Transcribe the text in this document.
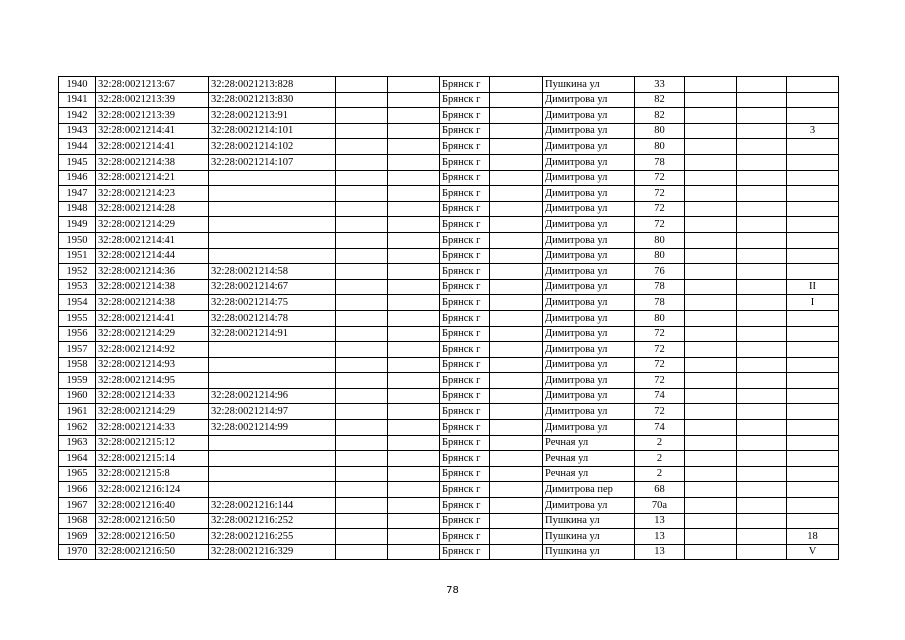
1940	32:28:0021213:67	32:28:0021213:828			Брянск г		Пушкина ул	33			
1941	32:28:0021213:39	32:28:0021213:830			Брянск г		Димитрова ул	82			
1942	32:28:0021213:39	32:28:0021213:91			Брянск г		Димитрова ул	82			
1943	32:28:0021214:41	32:28:0021214:101			Брянск г		Димитрова ул	80			3
1944	32:28:0021214:41	32:28:0021214:102			Брянск г		Димитрова ул	80			
1945	32:28:0021214:38	32:28:0021214:107			Брянск г		Димитрова ул	78			
1946	32:28:0021214:21				Брянск г		Димитрова ул	72			
1947	32:28:0021214:23				Брянск г		Димитрова ул	72			
1948	32:28:0021214:28				Брянск г		Димитрова ул	72			
1949	32:28:0021214:29				Брянск г		Димитрова ул	72			
1950	32:28:0021214:41				Брянск г		Димитрова ул	80			
1951	32:28:0021214:44				Брянск г		Димитрова ул	80			
1952	32:28:0021214:36	32:28:0021214:58			Брянск г		Димитрова ул	76			
1953	32:28:0021214:38	32:28:0021214:67			Брянск г		Димитрова ул	78			II
1954	32:28:0021214:38	32:28:0021214:75			Брянск г		Димитрова ул	78			I
1955	32:28:0021214:41	32:28:0021214:78			Брянск г		Димитрова ул	80			
1956	32:28:0021214:29	32:28:0021214:91			Брянск г		Димитрова ул	72			
1957	32:28:0021214:92				Брянск г		Димитрова ул	72			
1958	32:28:0021214:93				Брянск г		Димитрова ул	72			
1959	32:28:0021214:95				Брянск г		Димитрова ул	72			
1960	32:28:0021214:33	32:28:0021214:96			Брянск г		Димитрова ул	74			
1961	32:28:0021214:29	32:28:0021214:97			Брянск г		Димитрова ул	72			
1962	32:28:0021214:33	32:28:0021214:99			Брянск г		Димитрова ул	74			
1963	32:28:0021215:12				Брянск г		Речная ул	2			
1964	32:28:0021215:14				Брянск г		Речная ул	2			
1965	32:28:0021215:8				Брянск г		Речная ул	2			
1966	32:28:0021216:124				Брянск г		Димитрова пер	68			
1967	32:28:0021216:40	32:28:0021216:144			Брянск г		Димитрова ул	70а			
1968	32:28:0021216:50	32:28:0021216:252			Брянск г		Пушкина ул	13			
1969	32:28:0021216:50	32:28:0021216:255			Брянск г		Пушкина ул	13			18
1970	32:28:0021216:50	32:28:0021216:329			Брянск г		Пушкина ул	13			V
78
